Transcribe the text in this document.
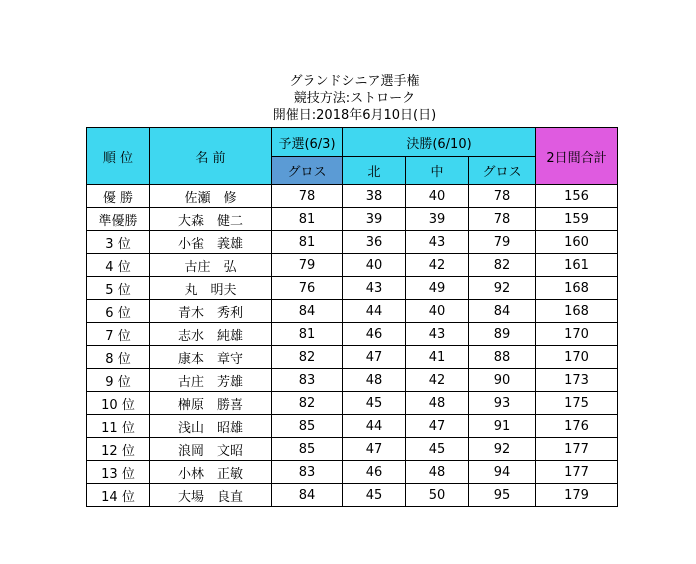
グランドシニア選手権
競技方法:ストローク
開催日:2018年6月10日(日)
順 位	名 前	予選(6/3)	決勝(6/10)			2日間合計
		グロス	北	中	グロス	
優 勝	佐瀬　修	78	38	40	78	156
準優勝	大森　健二	81	39	39	78	159
3 位	小雀　義雄	81	36	43	79	160
4 位	古庄　弘	79	40	42	82	161
5 位	丸　明夫	76	43	49	92	168
6 位	青木　秀利	84	44	40	84	168
7 位	志水　純雄	81	46	43	89	170
8 位	康本　章守	82	47	41	88	170
9 位	古庄　芳雄	83	48	42	90	173
10 位	榊原　勝喜	82	45	48	93	175
11 位	浅山　昭雄	85	44	47	91	176
12 位	浪岡　文昭	85	47	45	92	177
13 位	小林　正敏	83	46	48	94	177
14 位	大場　良直	84	45	50	95	179
